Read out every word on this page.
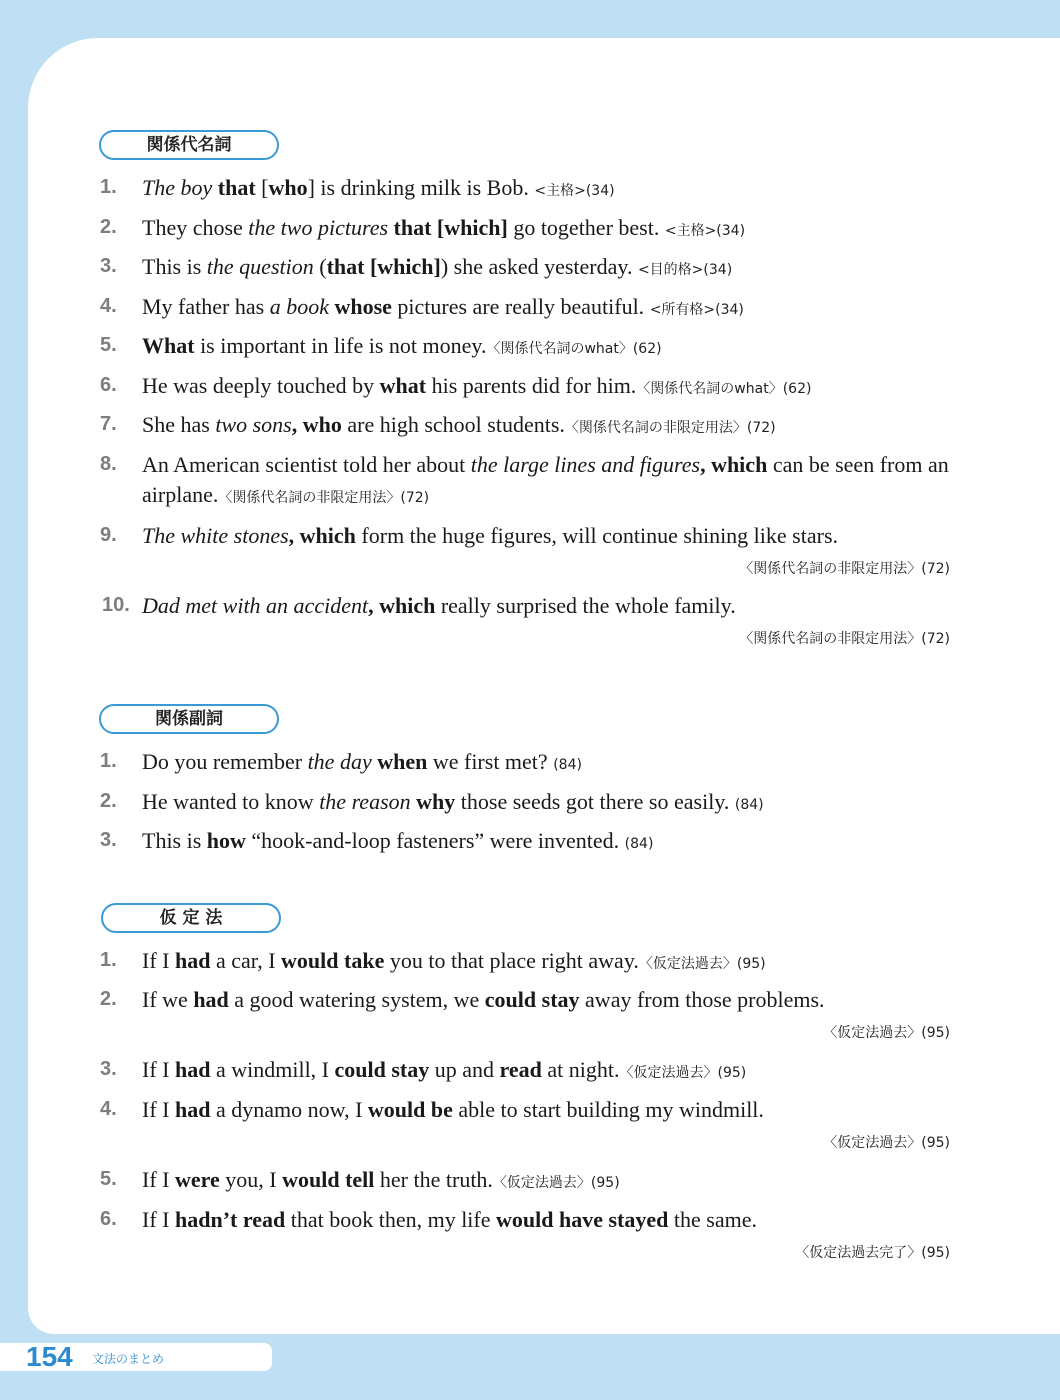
関係代名詞
1. The boy that [who] is drinking milk is Bob. <主格>(34)
2. They chose the two pictures that [which] go together best. <主格>(34)
3. This is the question (that [which]) she asked yesterday. <目的格>(34)
4. My father has a book whose pictures are really beautiful. <所有格>(34)
5. What is important in life is not money.〈関係代名詞のwhat〉(62)
6. He was deeply touched by what his parents did for him.〈関係代名詞のwhat〉(62)
7. She has two sons, who are high school students.〈関係代名詞の非限定用法〉(72)
8. An American scientist told her about the large lines and figures, which can be seen from an airplane.〈関係代名詞の非限定用法〉(72)
9. The white stones, which form the huge figures, will continue shining like stars.
〈関係代名詞の非限定用法〉(72)
10. Dad met with an accident, which really surprised the whole family.
〈関係代名詞の非限定用法〉(72)
関係副詞
1. Do you remember the day when we first met? (84)
2. He wanted to know the reason why those seeds got there so easily. (84)
3. This is how “hook-and-loop fasteners” were invented. (84)
仮 定 法
1. If I had a car, I would take you to that place right away.〈仮定法過去〉(95)
2. If we had a good watering system, we could stay away from those problems.
〈仮定法過去〉(95)
3. If I had a windmill, I could stay up and read at night.〈仮定法過去〉(95)
4. If I had a dynamo now, I would be able to start building my windmill.
〈仮定法過去〉(95)
5. If I were you, I would tell her the truth.〈仮定法過去〉(95)
6. If I hadn’t read that book then, my life would have stayed the same.
〈仮定法過去完了〉(95)
154 文法のまとめ
